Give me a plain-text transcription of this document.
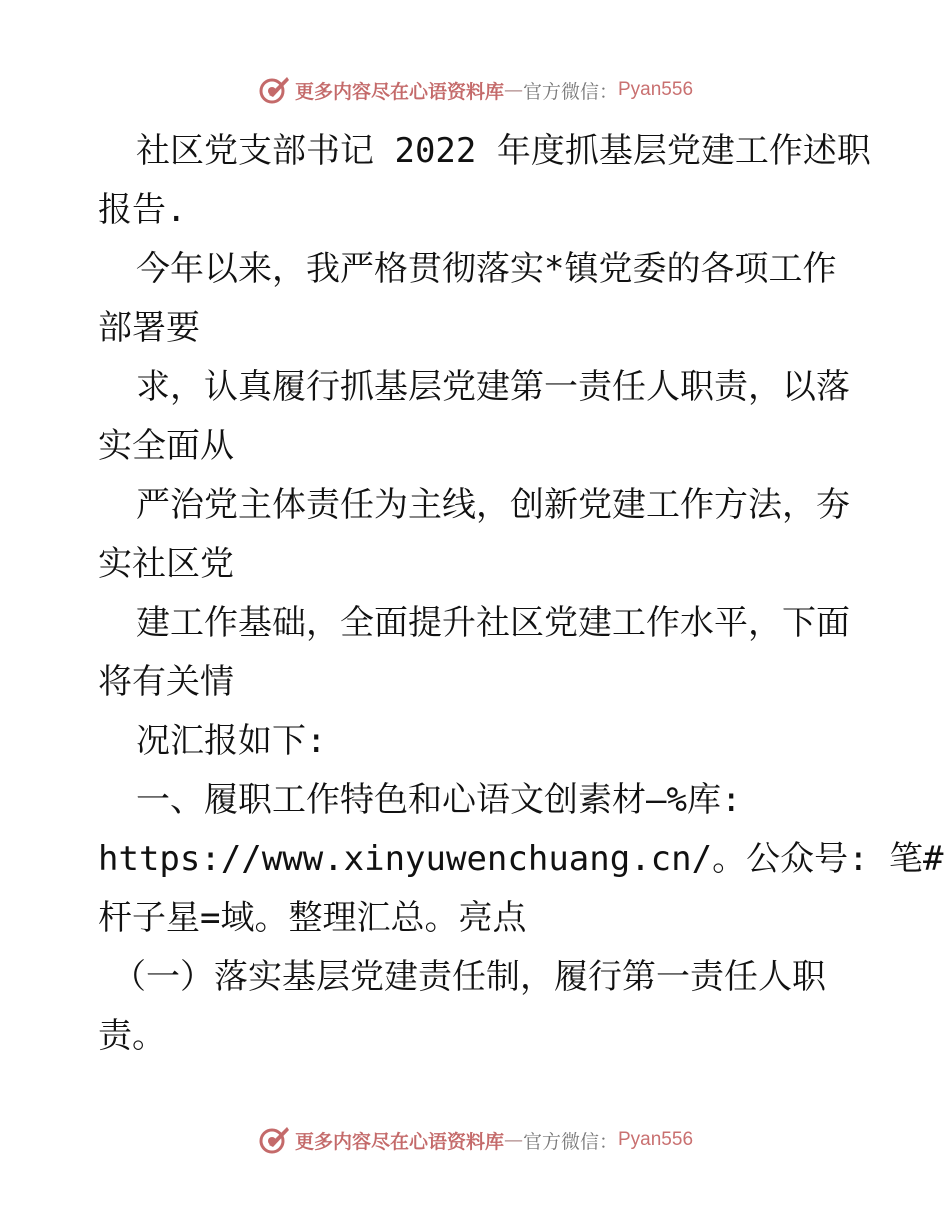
更多内容尽在心语资料库 — 官方微信： Pyan556

社区党支部书记 2022 年度抓基层党建工作述职

报告.

今年以来，我严格贯彻落实*镇党委的各项工作

部署要

求，认真履行抓基层党建第一责任人职责，以落

实全面从

严治党主体责任为主线，创新党建工作方法，夯

实社区党

建工作基础，全面提升社区党建工作水平，下面

将有关情

况汇报如下:

一、履职工作特色和心语文创素材—%库:

https://www.xinyuwenchuang.cn/。公众号: 笔#

杆子星=域。整理汇总。亮点

（一）落实基层党建责任制，履行第一责任人职

责。

更多内容尽在心语资料库 — 官方微信： Pyan556
